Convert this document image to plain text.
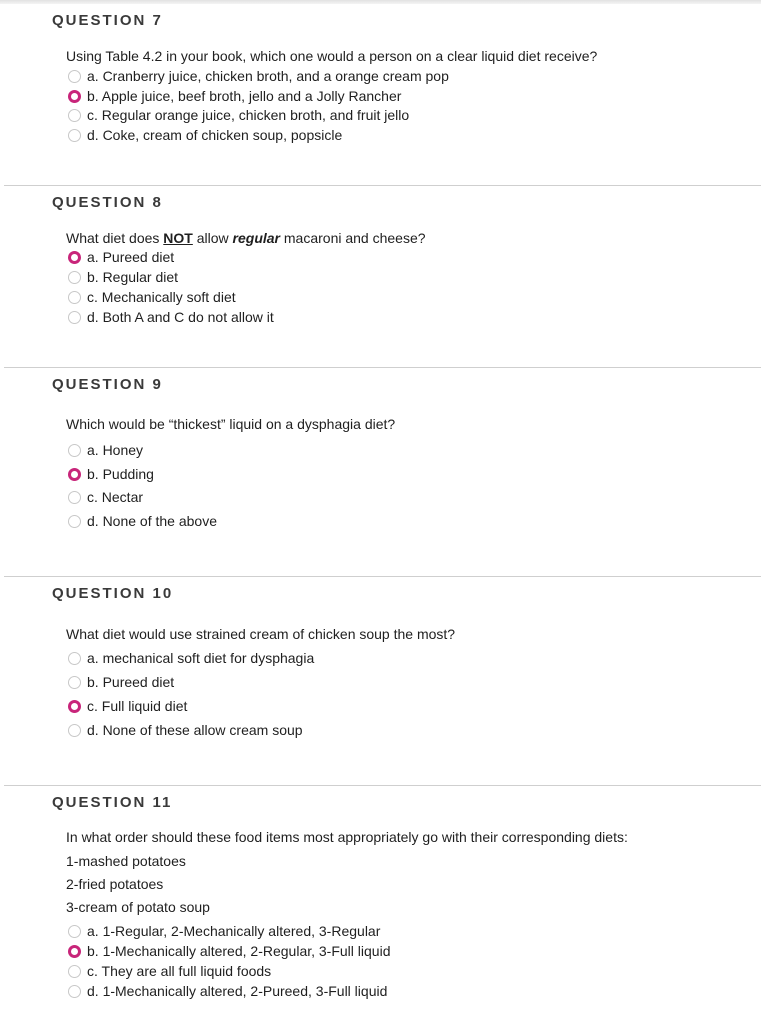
QUESTION 7
Using Table 4.2 in your book, which one would a person on a clear liquid diet receive?
a. Cranberry juice, chicken broth, and a orange cream pop
b. Apple juice, beef broth, jello and a Jolly Rancher
c. Regular orange juice, chicken broth, and fruit jello
d. Coke, cream of chicken soup, popsicle
QUESTION 8
What diet does NOT allow regular macaroni and cheese?
a. Pureed diet
b. Regular diet
c. Mechanically soft diet
d. Both A and C do not allow it
QUESTION 9
Which would be “thickest” liquid on a dysphagia diet?
a. Honey
b. Pudding
c. Nectar
d. None of the above
QUESTION 10
What diet would use strained cream of chicken soup the most?
a. mechanical soft diet for dysphagia
b. Pureed diet
c. Full liquid diet
d. None of these allow cream soup
QUESTION 11
In what order should these food items most appropriately go with their corresponding diets:
1-mashed potatoes
2-fried potatoes
3-cream of potato soup
a. 1-Regular, 2-Mechanically altered, 3-Regular
b. 1-Mechanically altered, 2-Regular, 3-Full liquid
c. They are all full liquid foods
d. 1-Mechanically altered, 2-Pureed, 3-Full liquid
